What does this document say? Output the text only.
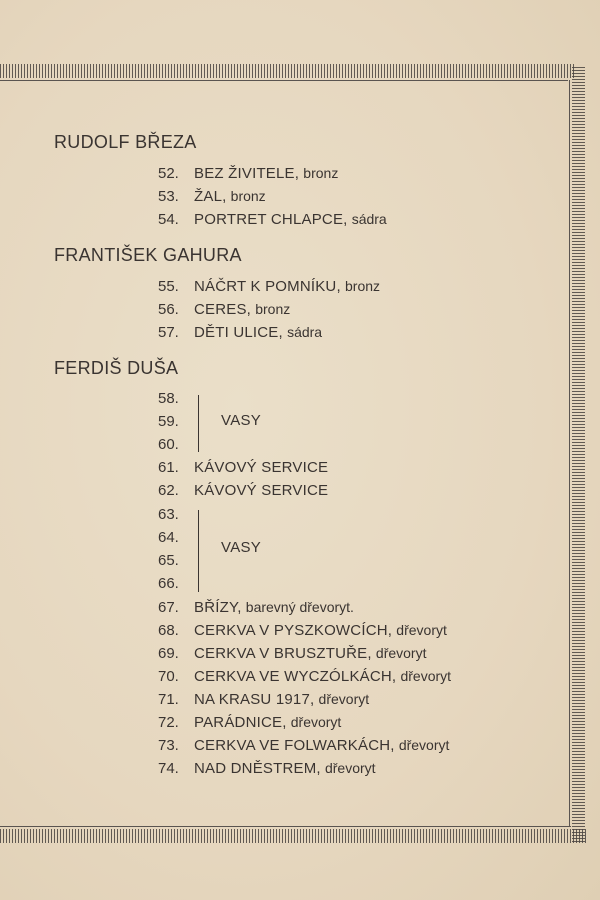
RUDOLF BŘEZA
52. BEZ ŽIVITELE, bronz
53. ŽAL, bronz
54. PORTRET CHLAPCE, sádra
FRANTIŠEK GAHURA
55. NÁČRT K POMNÍKU, bronz
56. CERES, bronz
57. DĚTI ULICE, sádra
FERDIŠ DUŠA
58.
59.
60.
VASY
61. KÁVOVÝ SERVICE
62. KÁVOVÝ SERVICE
63.
64.
65.
66.
VASY
67. BŘÍZY, barevný dřevoryt.
68. CERKVA V PYSZKOWCÍCH, dřevoryt
69. CERKVA V BRUSZTUŘE, dřevoryt
70. CERKVA VE WYCZÓLKÁCH, dřevoryt
71. NA KRASU 1917, dřevoryt
72. PARÁDNICE, dřevoryt
73. CERKVA VE FOLWARKÁCH, dřevoryt
74. NAD DNĚSTREM, dřevoryt
